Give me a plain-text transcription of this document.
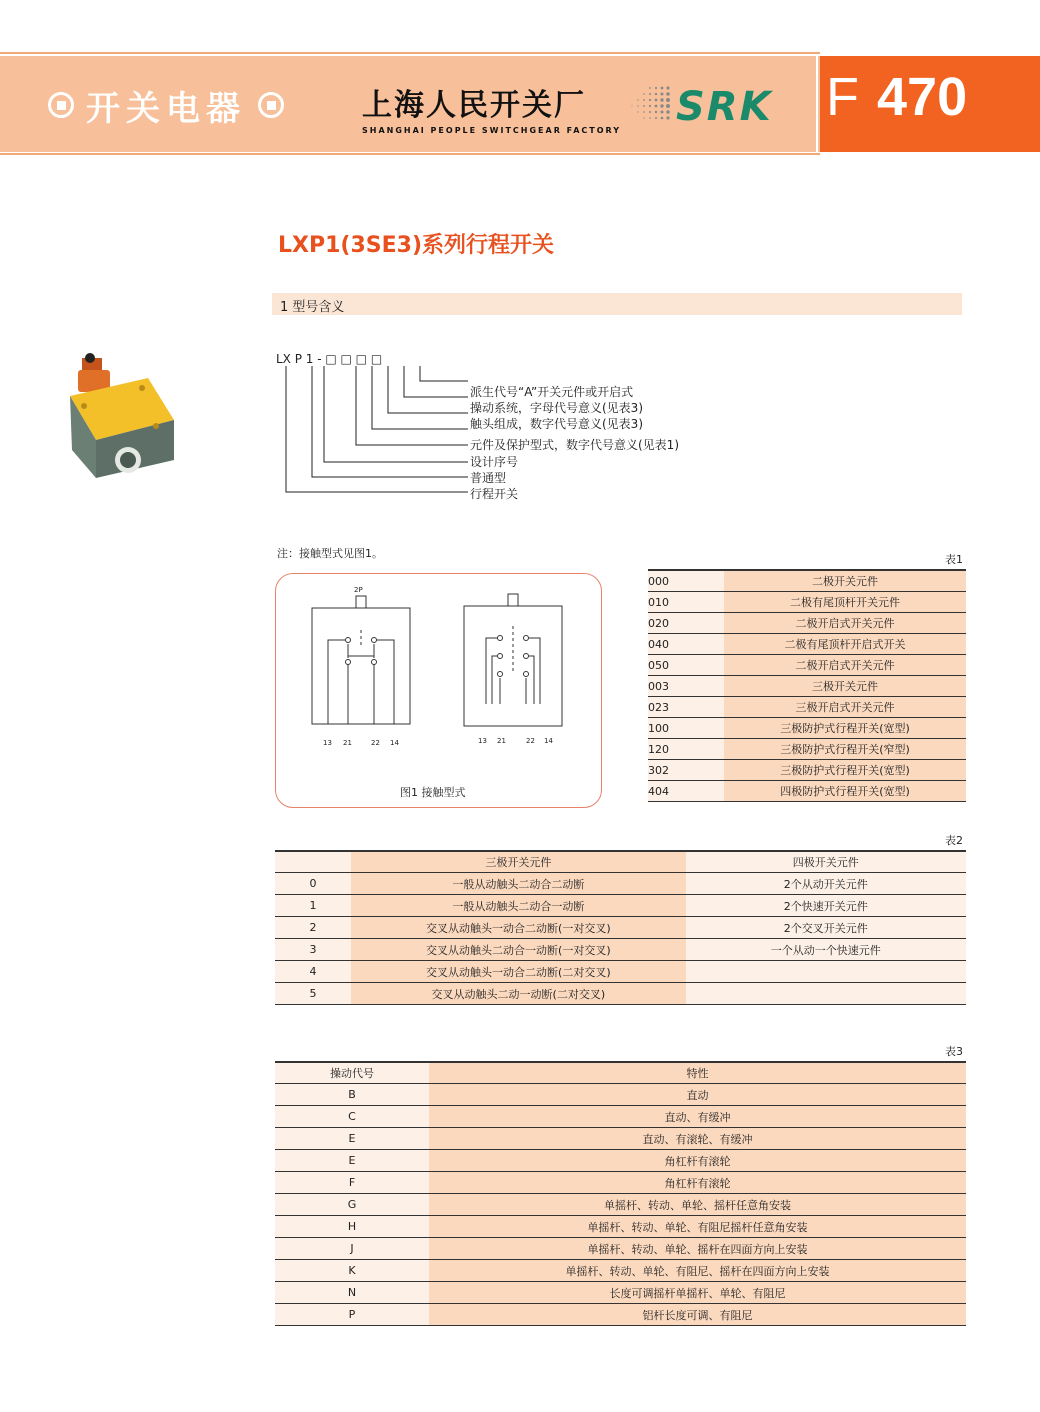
开关电器	上海人民开关厂
SHANGHAI PEOPLE SWITCHGEAR FACTORY
SRK F 470
LXP1(3SE3)系列行程开关
1 型号含义
LX P 1 - □ □ □ □
派生代号“A”开关元件或开启式
操动系统，字母代号意义(见表3)
触头组成，数字代号意义(见表3)
元件及保护型式，数字代号意义(见表1)
设计序号
普通型
行程开关
注：接触型式见图1。
2P
13 21	22 14	13 21	22 14
图1 接触型式
表1
000	二极开关元件
010	二极有尾顶杆开关元件
020	二极开启式开关元件
040	二极有尾顶杆开启式开关
050	二极开启式开关元件
003	三极开关元件
023	三极开启式开关元件
100	三极防护式行程开关(宽型)
120	三极防护式行程开关(窄型)
302	三极防护式行程开关(宽型)
404	四极防护式行程开关(宽型)
表2
	三极开关元件	四极开关元件
0	一般从动触头二动合二动断	2个从动开关元件
1	一般从动触头二动合一动断	2个快速开关元件
2	交叉从动触头一动合二动断(一对交叉)	2个交叉开关元件
3	交叉从动触头二动合一动断(一对交叉)	一个从动一个快速元件
4	交叉从动触头一动合二动断(二对交叉)	
5	交叉从动触头二动一动断(二对交叉)	
表3
操动代号	特性
B	直动
C	直动、有缓冲
E	直动、有滚轮、有缓冲
E	角杠杆有滚轮
F	角杠杆有滚轮
G	单摇杆、转动、单轮、摇杆任意角安装
H	单摇杆、转动、单轮、有阻尼摇杆任意角安装
J	单摇杆、转动、单轮、摇杆在四面方向上安装
K	单摇杆、转动、单轮、有阻尼、摇杆在四面方向上安装
N	长度可调摇杆单摇杆、单轮、有阻尼
P	铝杆长度可调、有阻尼
